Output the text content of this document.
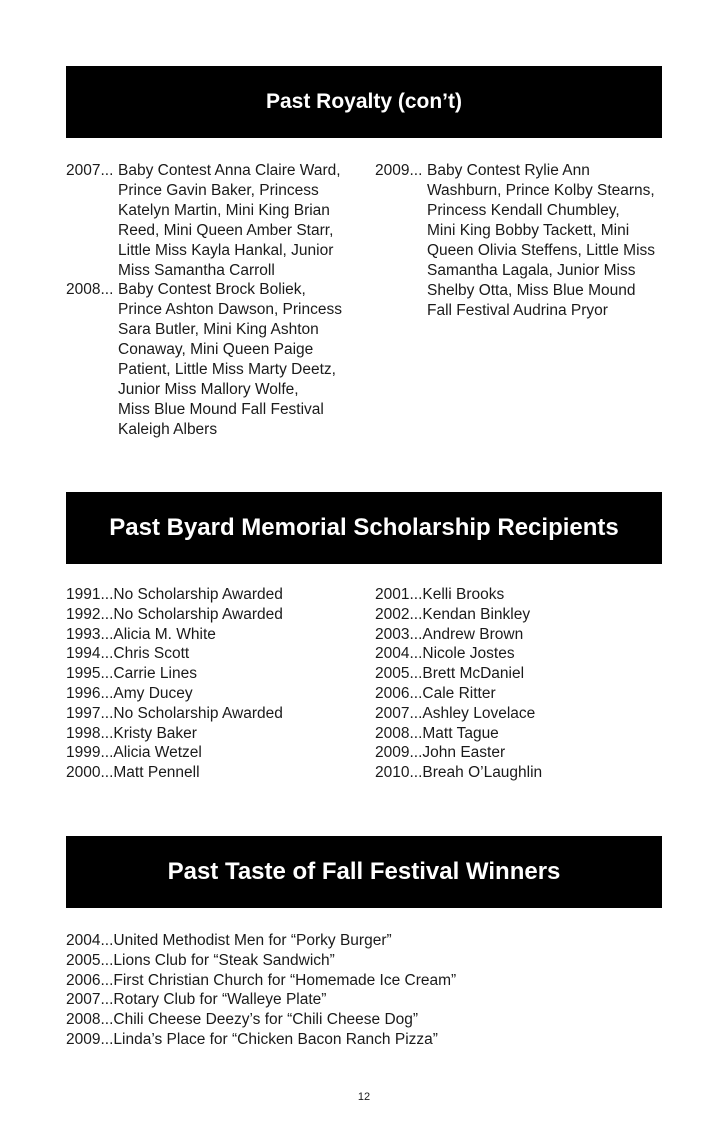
Past Royalty (con’t)
2007... Baby Contest Anna Claire Ward,
Prince Gavin Baker, Princess
Katelyn Martin, Mini King Brian
Reed, Mini Queen Amber Starr,
Little Miss Kayla Hankal, Junior
Miss Samantha Carroll
2008... Baby Contest Brock Boliek,
Prince Ashton Dawson, Princess
Sara Butler, Mini King Ashton
Conaway, Mini Queen Paige
Patient, Little Miss Marty Deetz,
Junior Miss Mallory Wolfe,
Miss Blue Mound Fall Festival
Kaleigh Albers
2009... Baby Contest Rylie Ann
Washburn, Prince Kolby Stearns,
Princess Kendall Chumbley,
Mini King Bobby Tackett, Mini
Queen Olivia Steffens, Little Miss
Samantha Lagala, Junior Miss
Shelby Otta, Miss Blue Mound
Fall Festival Audrina Pryor
Past Byard Memorial Scholarship Recipients
1991...No Scholarship Awarded
1992...No Scholarship Awarded
1993...Alicia M. White
1994...Chris Scott
1995...Carrie Lines
1996...Amy Ducey
1997...No Scholarship Awarded
1998...Kristy Baker
1999...Alicia Wetzel
2000...Matt Pennell
2001...Kelli Brooks
2002...Kendan Binkley
2003...Andrew Brown
2004...Nicole Jostes
2005...Brett McDaniel
2006...Cale Ritter
2007...Ashley Lovelace
2008...Matt Tague
2009...John Easter
2010...Breah O’Laughlin
Past Taste of Fall Festival Winners
2004...United Methodist Men for “Porky Burger”
2005...Lions Club for “Steak Sandwich”
2006...First Christian Church for “Homemade Ice Cream”
2007...Rotary Club for “Walleye Plate”
2008...Chili Cheese Deezy’s for “Chili Cheese Dog”
2009...Linda’s Place for “Chicken Bacon Ranch Pizza”
12
